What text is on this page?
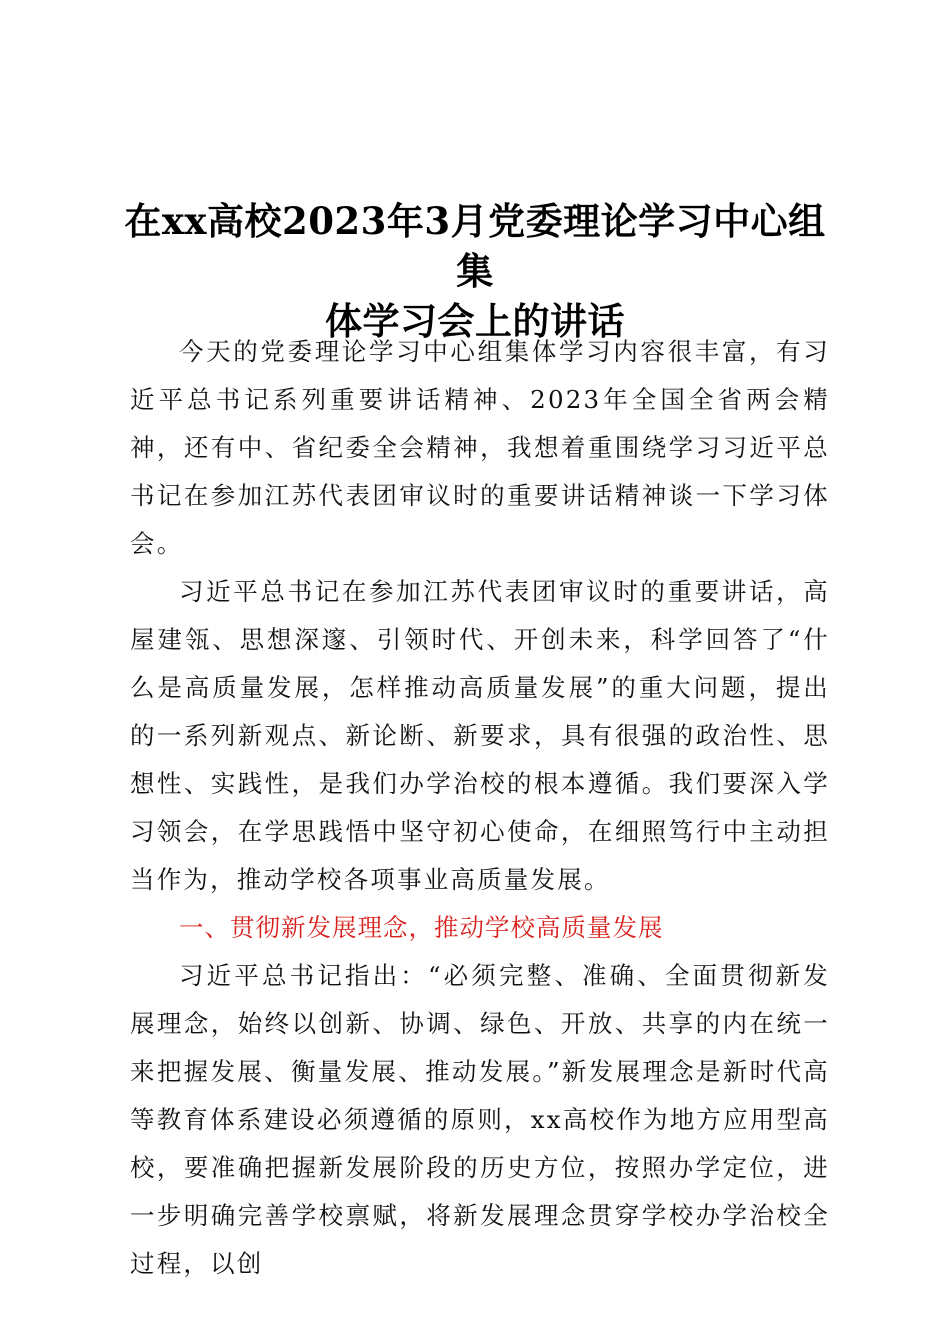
在xx高校2023年3月党委理论学习中心组集
体学习会上的讲话

今天的党委理论学习中心组集体学习内容很丰富，有习近平总书记系列重要讲话精神、2023年全国全省两会精神，还有中、省纪委全会精神，我想着重围绕学习习近平总书记在参加江苏代表团审议时的重要讲话精神谈一下学习体会。

习近平总书记在参加江苏代表团审议时的重要讲话，高屋建瓴、思想深邃、引领时代、开创未来，科学回答了“什么是高质量发展，怎样推动高质量发展”的重大问题，提出的一系列新观点、新论断、新要求，具有很强的政治性、思想性、实践性，是我们办学治校的根本遵循。我们要深入学习领会，在学思践悟中坚守初心使命，在细照笃行中主动担当作为，推动学校各项事业高质量发展。

一、贯彻新发展理念，推动学校高质量发展

习近平总书记指出：“必须完整、准确、全面贯彻新发展理念，始终以创新、协调、绿色、开放、共享的内在统一来把握发展、衡量发展、推动发展。”新发展理念是新时代高等教育体系建设必须遵循的原则，xx高校作为地方应用型高校，要准确把握新发展阶段的历史方位，按照办学定位，进一步明确完善学校禀赋，将新发展理念贯穿学校办学治校全过程，以创
